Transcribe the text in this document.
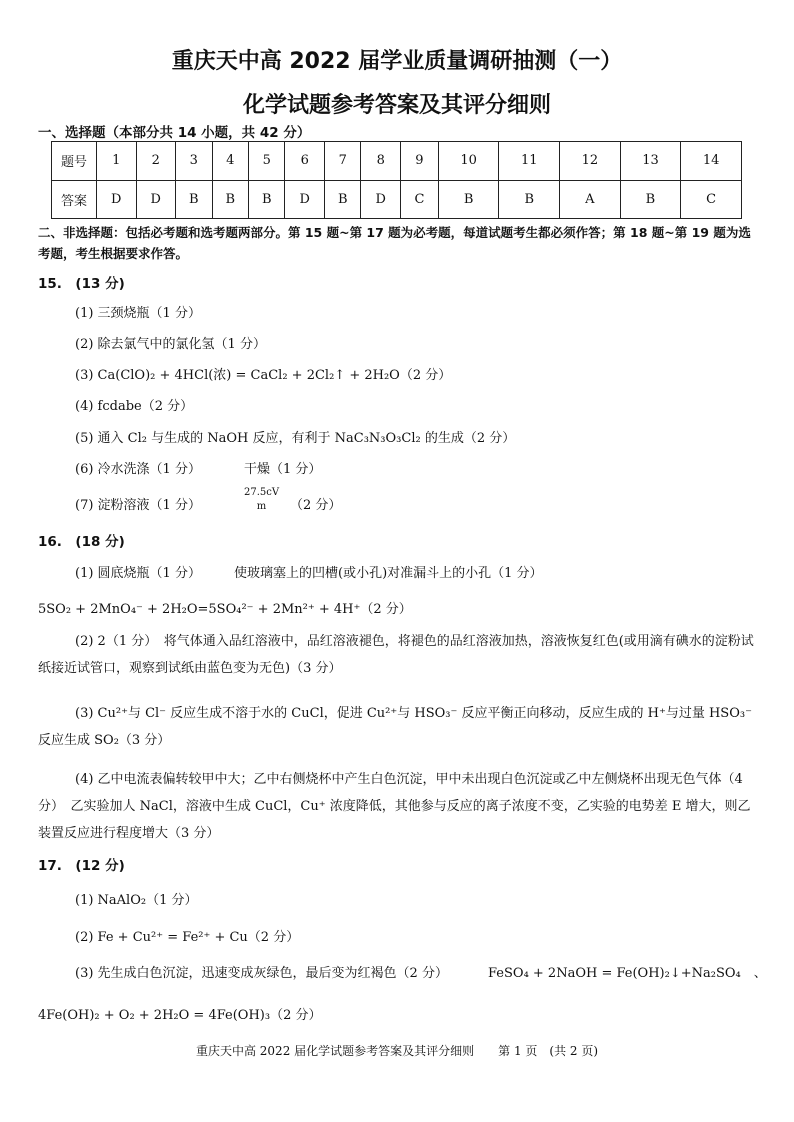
重庆天中高 2022 届学业质量调研抽测（一）
化学试题参考答案及其评分细则
一、选择题（本部分共 14 小题，共 42 分）
题号	1	2	3	4	5	6	7	8	9	10	11	12	13	14
答案	D	D	B	B	B	D	B	D	C	B	B	A	B	C
二、非选择题：包括必考题和选考题两部分。第 15 题~第 17 题为必考题，每道试题考生都必须作答；第 18 题~第 19 题为选考题，考生根据要求作答。
15.　(13 分)
(1) 三颈烧瓶（1 分）
(2) 除去氯气中的氯化氢（1 分）
(3) Ca(ClO)₂ + 4HCl(浓) = CaCl₂ + 2Cl₂↑ + 2H₂O（2 分）
(4) fcdabe（2 分）
(5) 通入 Cl₂ 与生成的 NaOH 反应，有利于 NaC₃N₃O₃Cl₂ 的生成（2 分）
(6) 冷水洗涤（1 分）	干燥（1 分）
(7) 淀粉溶液（1 分）
27.5cV
m	（2 分）
16.　(18 分)
(1) 圆底烧瓶（1 分）	使玻璃塞上的凹槽(或小孔)对准漏斗上的小孔（1 分）
5SO₂ + 2MnO₄⁻ + 2H₂O=5SO₄²⁻ + 2Mn²⁺ + 4H⁺（2 分）
(2) 2（1 分）　将气体通入品红溶液中，品红溶液褪色，将褪色的品红溶液加热，溶液恢复红色(或用滴有碘水的淀粉试纸接近试管口，观察到试纸由蓝色变为无色)（3 分）
(3) Cu²⁺与 Cl⁻ 反应生成不溶于水的 CuCl，促进 Cu²⁺与 HSO₃⁻ 反应平衡正向移动，反应生成的 H⁺与过量 HSO₃⁻ 反应生成 SO₂（3 分）
(4) 乙中电流表偏转较甲中大；乙中右侧烧杯中产生白色沉淀，甲中未出现白色沉淀或乙中左侧烧杯出现无色气体（4 分）　乙实验加人 NaCl，溶液中生成 CuCl，Cu⁺ 浓度降低，其他参与反应的离子浓度不变，乙实验的电势差 E 增大，则乙装置反应进行程度增大（3 分）
17.　(12 分)
(1) NaAlO₂（1 分）
(2) Fe + Cu²⁺ = Fe²⁺ + Cu（2 分）
(3) 先生成白色沉淀，迅速变成灰绿色，最后变为红褐色（2 分）	FeSO₄ + 2NaOH = Fe(OH)₂↓+Na₂SO₄　、
4Fe(OH)₂ + O₂ + 2H₂O = 4Fe(OH)₃（2 分）
重庆天中高 2022 届化学试题参考答案及其评分细则　　第 1 页　(共 2 页)
